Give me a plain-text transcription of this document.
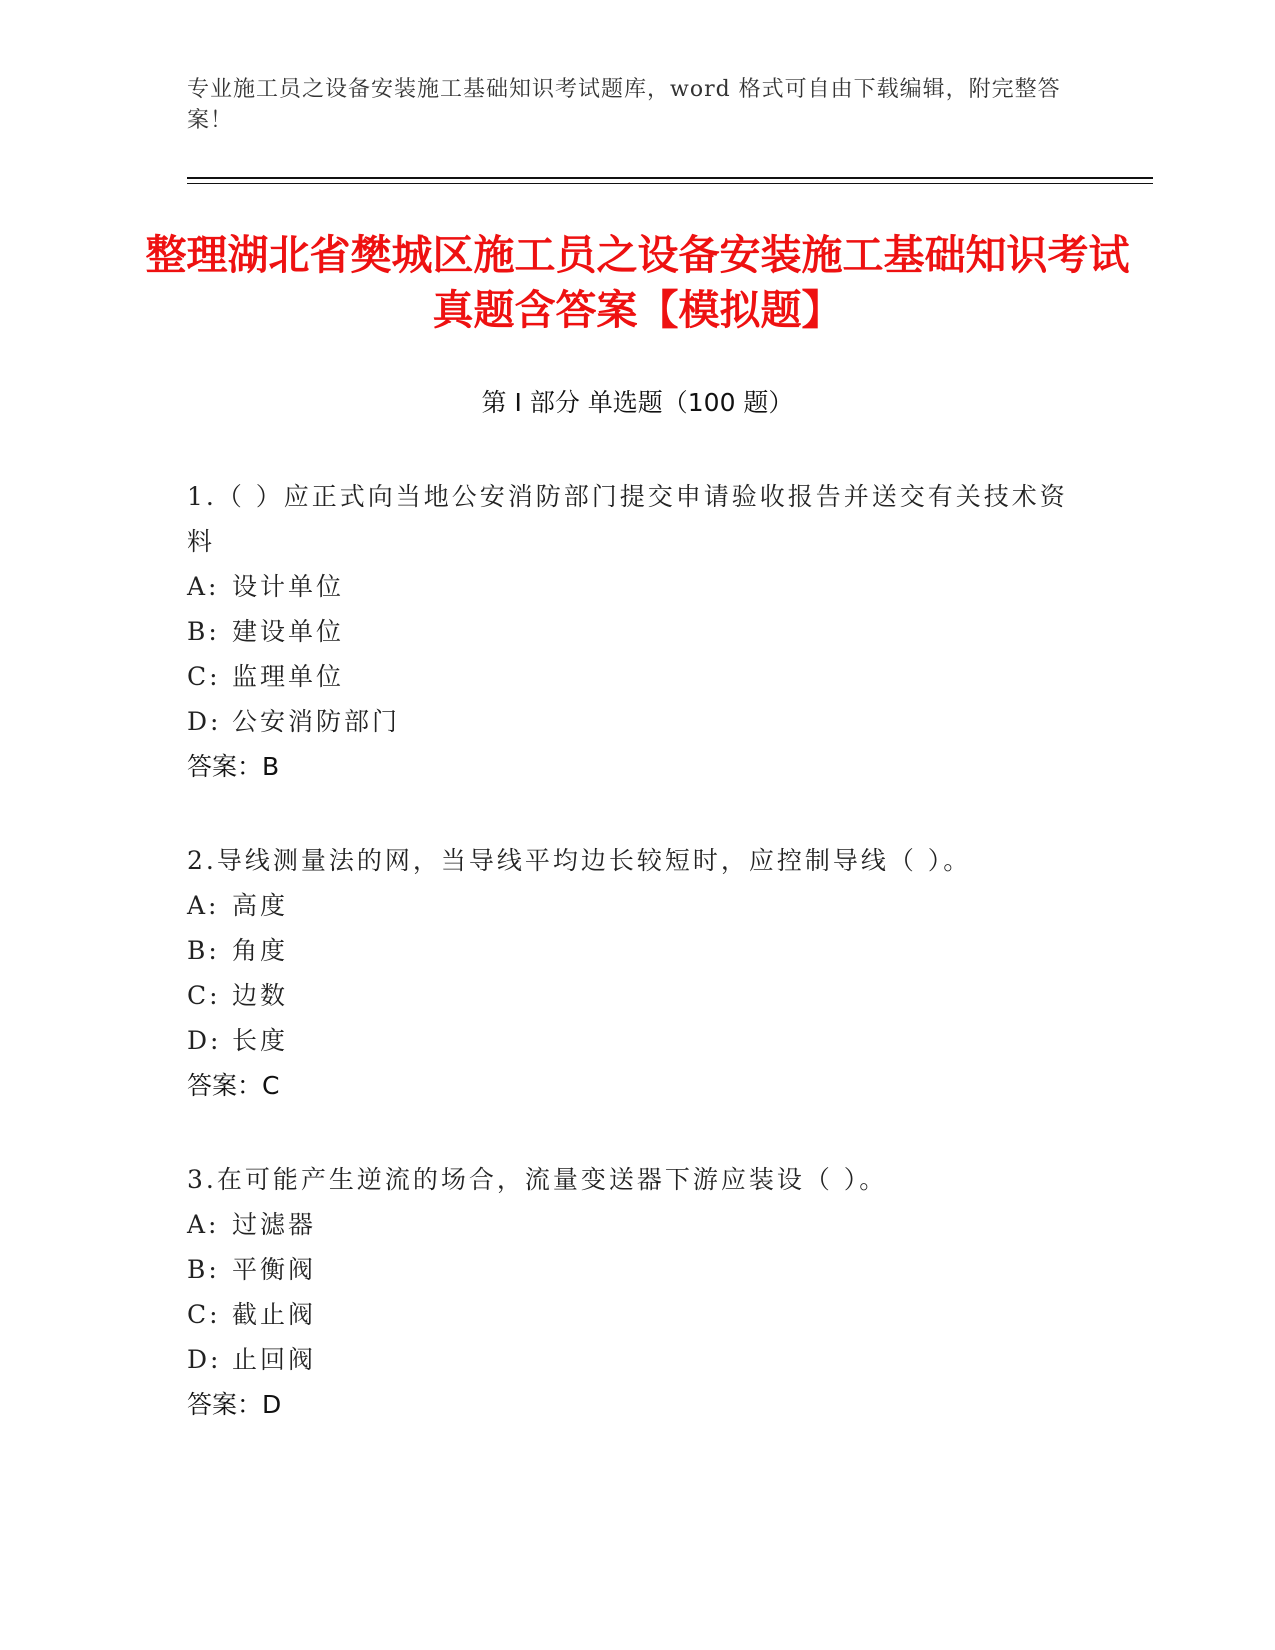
专业施工员之设备安装施工基础知识考试题库，word 格式可自由下载编辑，附完整答案！
整理湖北省樊城区施工员之设备安装施工基础知识考试真题含答案【模拟题】
第 I 部分 单选题（100 题）

1.（ ）应正式向当地公安消防部门提交申请验收报告并送交有关技术资料

A: 设计单位
B: 建设单位
C: 监理单位
D: 公安消防部门

答案：B

2.导线测量法的网，当导线平均边长较短时，应控制导线（ ）。

A: 高度
B: 角度
C: 边数
D: 长度

答案：C

3.在可能产生逆流的场合，流量变送器下游应装设（ ）。

A: 过滤器
B: 平衡阀
C: 截止阀
D: 止回阀

答案：D
